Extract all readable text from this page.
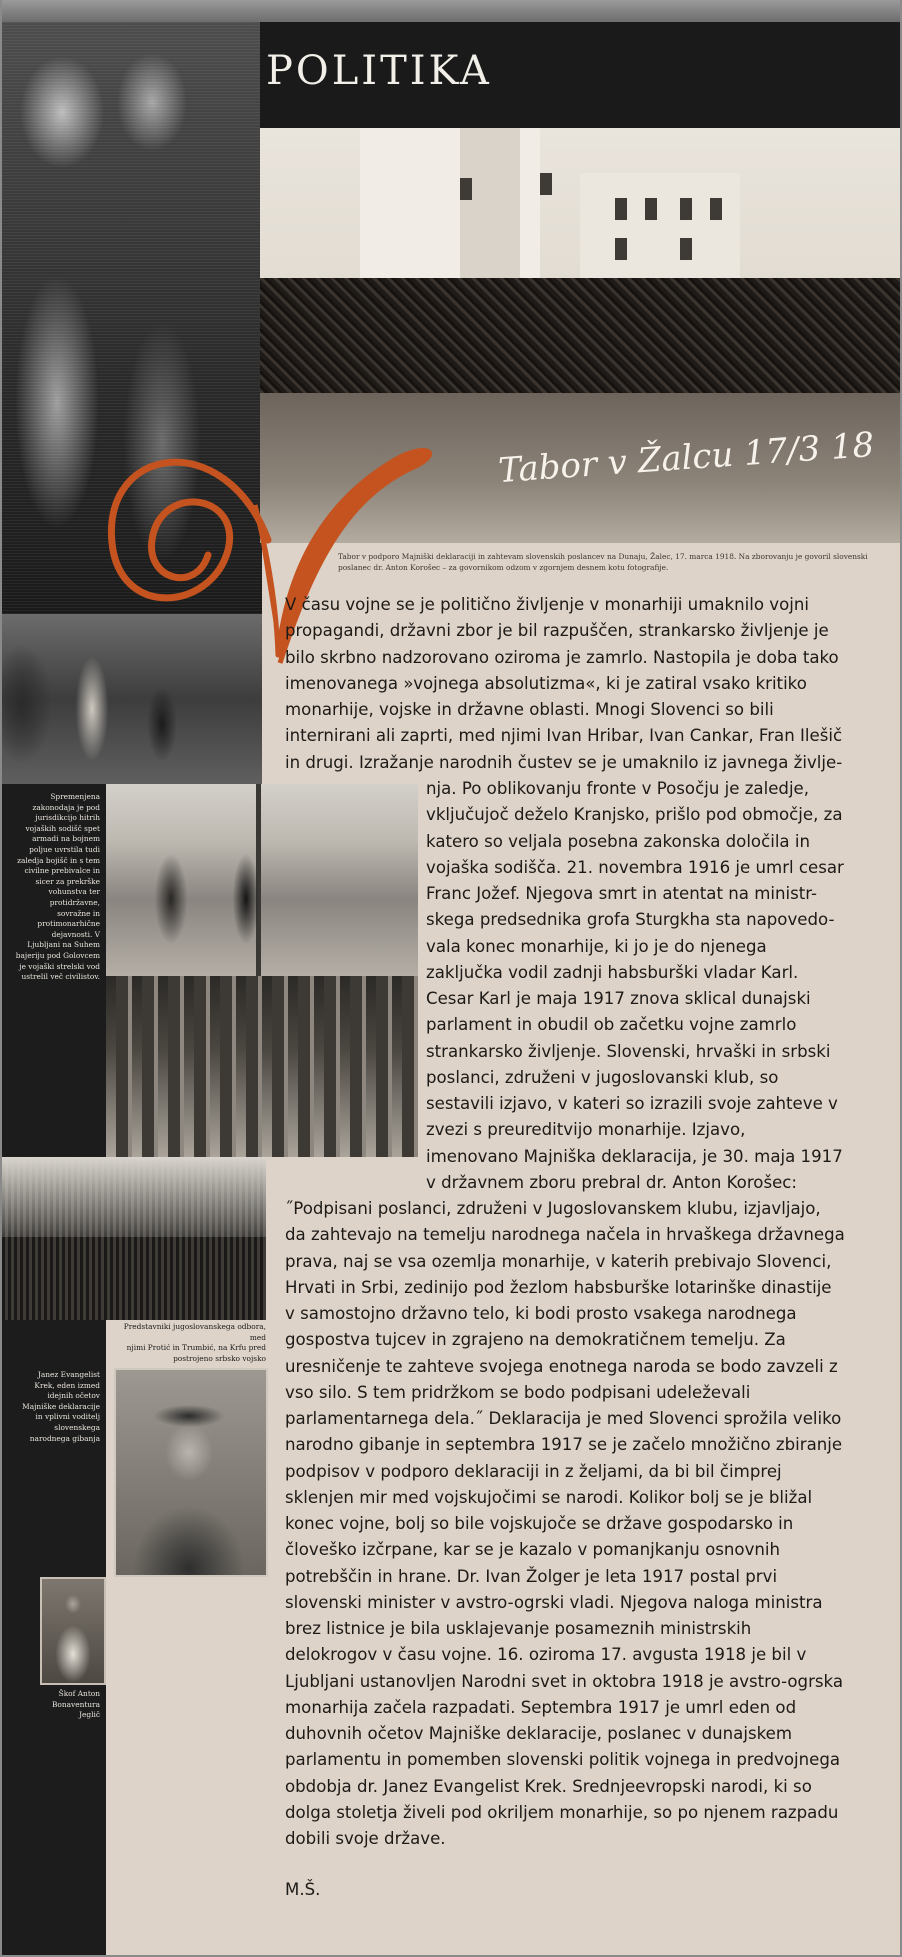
POLITIKA
Tabor v Žalcu 17/3 18
Tabor v podporo Majniški deklaraciji in zahtevam slovenskih poslancev na Dunaju, Žalec, 17. marca 1918. Na zborovanju je govoril slovenski poslanec dr. Anton Korošec – za govornikom odzom v zgornjem desnem kotu fotografije.
Spremenjena
zakonodaja je pod
jurisdikcijo hitrih
vojaških sodišč spet
armadi na bojnem
poljue uvrstila tudi
zaledja bojišč in s tem
civilne prebivalce in
sicer za prekrške
vohunstva ter
protidržavne,
sovražne in
protimonarhične
dejavnosti. V
Ljubljani na Suhem
bajeriju pod Golovcem
je vojaški strelski vod
ustrelil več civilistov.
Predstavniki jugoslovanskega odbora, med
njimi Protić in Trumbić, na Krfu pred
postrojeno srbsko vojsko
Janez Evangelist
Krek, eden izmed
idejnih očetov
Majniške deklaracije
in vplivni voditelj
slovenskega
narodnega gibanja
Škof Anton
Bonaventura
Jeglič
V času vojne se je politično življenje v monarhiji umaknilo vojni
propagandi, državni zbor je bil razpuščen, strankarsko življenje je
bilo skrbno nadzorovano oziroma je zamrlo. Nastopila je doba tako
imenovanega »vojnega absolutizma«, ki je zatiral vsako kritiko
monarhije, vojske in državne oblasti. Mnogi Slovenci so bili
internirani ali zaprti, med njimi Ivan Hribar, Ivan Cankar, Fran Ilešič
in drugi. Izražanje narodnih čustev se je umaknilo iz javnega življe-
nja. Po oblikovanju fronte v Posočju je zaledje,
vključujoč deželo Kranjsko, prišlo pod območje, za
katero so veljala posebna zakonska določila in
vojaška sodišča. 21. novembra 1916 je umrl cesar
Franc Jožef. Njegova smrt in atentat na ministr-
skega predsednika grofa Sturgkha sta napovedo-
vala konec monarhije, ki jo je do njenega
zaključka vodil zadnji habsburški vladar Karl.
Cesar Karl je maja 1917 znova sklical dunajski
parlament in obudil ob začetku vojne zamrlo
strankarsko življenje. Slovenski, hrvaški in srbski
poslanci, združeni v jugoslovanski klub, so
sestavili izjavo, v kateri so izrazili svoje zahteve v
zvezi s preureditvijo monarhije. Izjavo,
imenovano Majniška deklaracija, je 30. maja 1917
v državnem zboru prebral dr. Anton Korošec:
˝Podpisani poslanci, združeni v Jugoslovanskem klubu, izjavljajo,
da zahtevajo na temelju narodnega načela in hrvaškega državnega
prava, naj se vsa ozemlja monarhije, v katerih prebivajo Slovenci,
Hrvati in Srbi, zedinijo pod žezlom habsburške lotarinške dinastije
v samostojno državno telo, ki bodi prosto vsakega narodnega
gospostva tujcev in zgrajeno na demokratičnem temelju. Za
uresničenje te zahteve svojega enotnega naroda se bodo zavzeli z
vso silo. S tem pridržkom se bodo podpisani udeleževali
parlamentarnega dela.˝ Deklaracija je med Slovenci sprožila veliko
narodno gibanje in septembra 1917 se je začelo množično zbiranje
podpisov v podporo deklaraciji in z željami, da bi bil čimprej
sklenjen mir med vojskujočimi se narodi. Kolikor bolj se je bližal
konec vojne, bolj so bile vojskujoče se države gospodarsko in
človeško izčrpane, kar se je kazalo v pomanjkanju osnovnih
potrebščin in hrane. Dr. Ivan Žolger je leta 1917 postal prvi
slovenski minister v avstro-ogrski vladi. Njegova naloga ministra
brez listnice je bila usklajevanje posameznih ministrskih
delokrogov v času vojne. 16. oziroma 17. avgusta 1918 je bil v
Ljubljani ustanovljen Narodni svet in oktobra 1918 je avstro-ogrska
monarhija začela razpadati. Septembra 1917 je umrl eden od
duhovnih očetov Majniške deklaracije, poslanec v dunajskem
parlamentu in pomemben slovenski politik vojnega in predvojnega
obdobja dr. Janez Evangelist Krek. Srednjeevropski narodi, ki so
dolga stoletja živeli pod okriljem monarhije, so po njenem razpadu
dobili svoje države.
M.Š.
